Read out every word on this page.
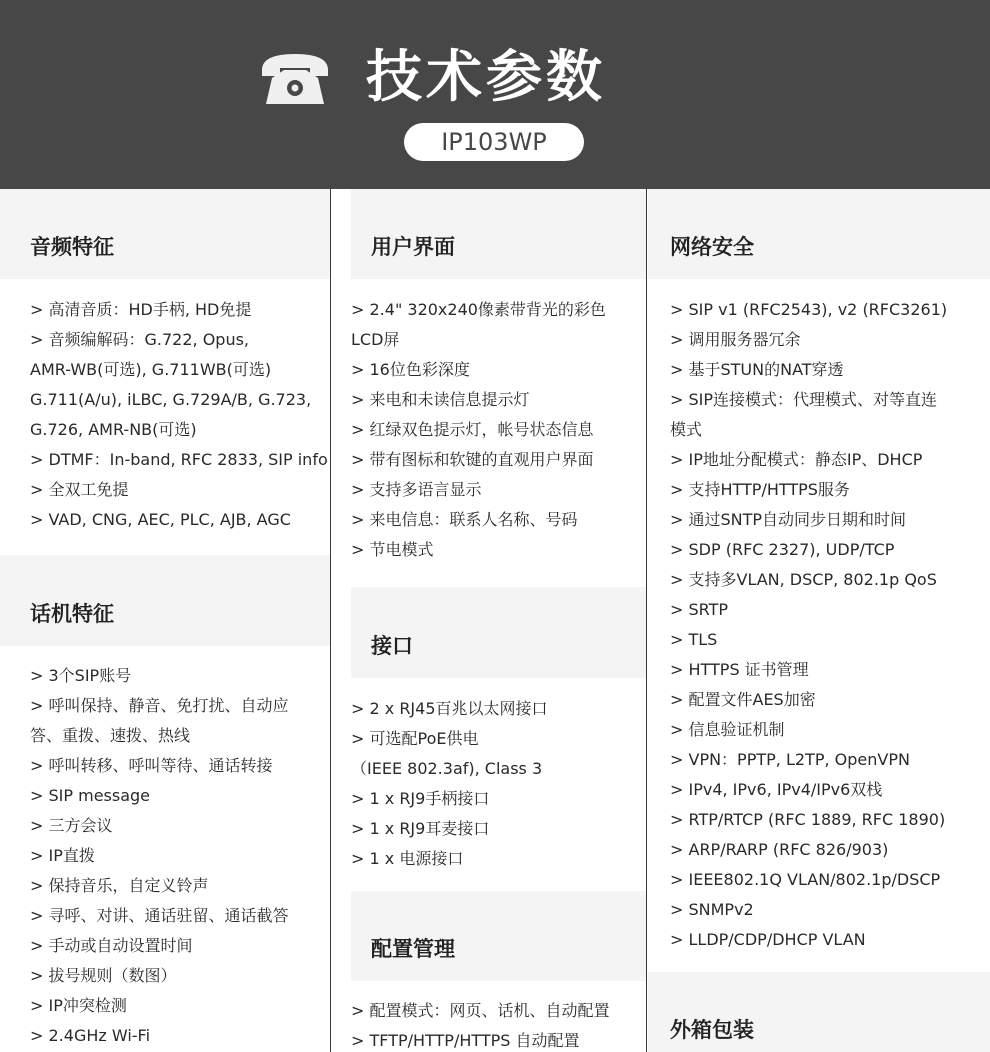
技术参数
IP103WP
音频特征
> 高清音质：HD手柄, HD免提
> 音频编解码：G.722, Opus,
AMR-WB(可选), G.711WB(可选)
G.711(A/u), iLBC, G.729A/B, G.723,
G.726, AMR-NB(可选)
> DTMF：In-band, RFC 2833, SIP info
> 全双工免提
> VAD, CNG, AEC, PLC, AJB, AGC
话机特征
> 3个SIP账号
> 呼叫保持、静音、免打扰、自动应
答、重拨、速拨、热线
> 呼叫转移、呼叫等待、通话转接
> SIP message
> 三方会议
> IP直拨
> 保持音乐，自定义铃声
> 寻呼、对讲、通话驻留、通话截答
> 手动或自动设置时间
> 拔号规则（数图）
> IP冲突检测
> 2.4GHz Wi-Fi
用户界面
> 2.4" 320x240像素带背光的彩色
LCD屏
> 16位色彩深度
> 来电和未读信息提示灯
> 红绿双色提示灯，帐号状态信息
> 带有图标和软键的直观用户界面
> 支持多语言显示
> 来电信息：联系人名称、号码
> 节电模式
接口
> 2 x RJ45百兆以太网接口
> 可选配PoE供电
（IEEE 802.3af), Class 3
> 1 x RJ9手柄接口
> 1 x RJ9耳麦接口
> 1 x 电源接口
配置管理
> 配置模式：网页、话机、自动配置
> TFTP/HTTP/HTTPS 自动配置
网络安全
> SIP v1 (RFC2543), v2 (RFC3261)
> 调用服务器冗余
> 基于STUN的NAT穿透
> SIP连接模式：代理模式、对等直连
模式
> IP地址分配模式：静态IP、DHCP
> 支持HTTP/HTTPS服务
> 通过SNTP自动同步日期和时间
> SDP (RFC 2327), UDP/TCP
> 支持多VLAN, DSCP, 802.1p QoS
> SRTP
> TLS
> HTTPS 证书管理
> 配置文件AES加密
> 信息验证机制
> VPN：PPTP, L2TP, OpenVPN
> IPv4, IPv6, IPv4/IPv6双栈
> RTP/RTCP (RFC 1889, RFC 1890)
> ARP/RARP (RFC 826/903)
> IEEE802.1Q VLAN/802.1p/DSCP
> SNMPv2
> LLDP/CDP/DHCP VLAN
外箱包装
